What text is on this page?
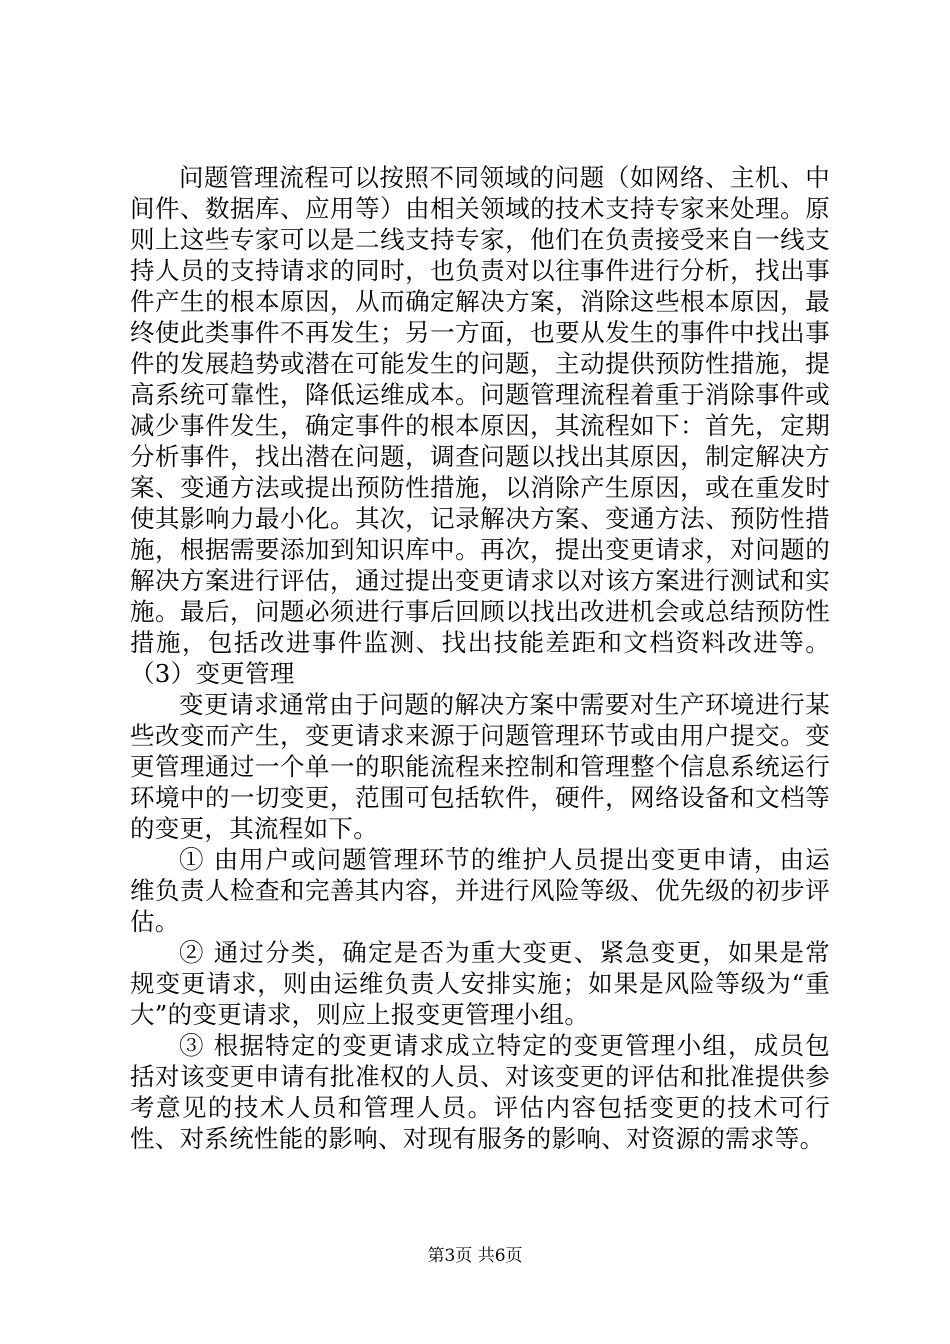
问题管理流程可以按照不同领域的问题（如网络、主机、中间件、数据库、应用等）由相关领域的技术支持专家来处理。原则上这些专家可以是二线支持专家，他们在负责接受来自一线支持人员的支持请求的同时，也负责对以往事件进行分析，找出事件产生的根本原因，从而确定解决方案，消除这些根本原因，最终使此类事件不再发生；另一方面，也要从发生的事件中找出事件的发展趋势或潜在可能发生的问题，主动提供预防性措施，提高系统可靠性，降低运维成本。问题管理流程着重于消除事件或减少事件发生，确定事件的根本原因，其流程如下：首先，定期分析事件，找出潜在问题，调查问题以找出其原因，制定解决方案、变通方法或提出预防性措施，以消除产生原因，或在重发时使其影响力最小化。其次，记录解决方案、变通方法、预防性措施，根据需要添加到知识库中。再次，提出变更请求，对问题的解决方案进行评估，通过提出变更请求以对该方案进行测试和实施。最后，问题必须进行事后回顾以找出改进机会或总结预防性措施，包括改进事件监测、找出技能差距和文档资料改进等。（3）变更管理

变更请求通常由于问题的解决方案中需要对生产环境进行某些改变而产生，变更请求来源于问题管理环节或由用户提交。变更管理通过一个单一的职能流程来控制和管理整个信息系统运行环境中的一切变更，范围可包括软件，硬件，网络设备和文档等的变更，其流程如下。

① 由用户或问题管理环节的维护人员提出变更申请，由运维负责人检查和完善其内容，并进行风险等级、优先级的初步评估。

② 通过分类，确定是否为重大变更、紧急变更，如果是常规变更请求，则由运维负责人安排实施；如果是风险等级为“重大”的变更请求，则应上报变更管理小组。

③ 根据特定的变更请求成立特定的变更管理小组，成员包括对该变更申请有批准权的人员、对该变更的评估和批准提供参考意见的技术人员和管理人员。评估内容包括变更的技术可行性、对系统性能的影响、对现有服务的影响、对资源的需求等。

第3页 共6页
